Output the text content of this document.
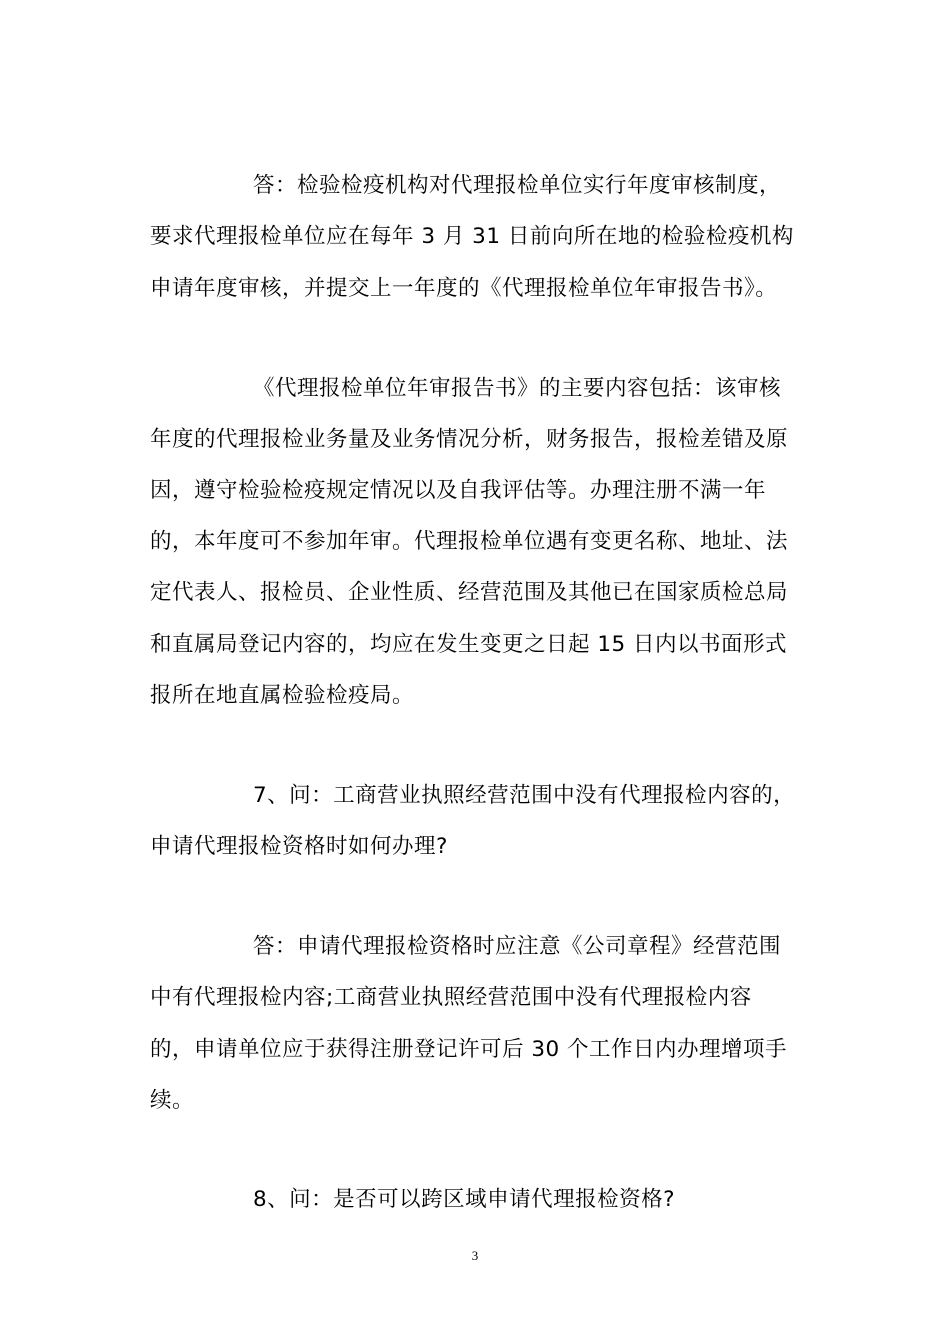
答：检验检疫机构对代理报检单位实行年度审核制度，
要求代理报检单位应在每年 3 月 31 日前向所在地的检验检疫机构
申请年度审核，并提交上一年度的《代理报检单位年审报告书》。
《代理报检单位年审报告书》的主要内容包括：该审核
年度的代理报检业务量及业务情况分析，财务报告，报检差错及原
因，遵守检验检疫规定情况以及自我评估等。办理注册不满一年
的，本年度可不参加年审。代理报检单位遇有变更名称、地址、法
定代表人、报检员、企业性质、经营范围及其他已在国家质检总局
和直属局登记内容的，均应在发生变更之日起 15 日内以书面形式
报所在地直属检验检疫局。
7、问：工商营业执照经营范围中没有代理报检内容的，
申请代理报检资格时如何办理?
答：申请代理报检资格时应注意《公司章程》经营范围
中有代理报检内容;工商营业执照经营范围中没有代理报检内容
的，申请单位应于获得注册登记许可后 30 个工作日内办理增项手
续。
8、问：是否可以跨区域申请代理报检资格?
3
